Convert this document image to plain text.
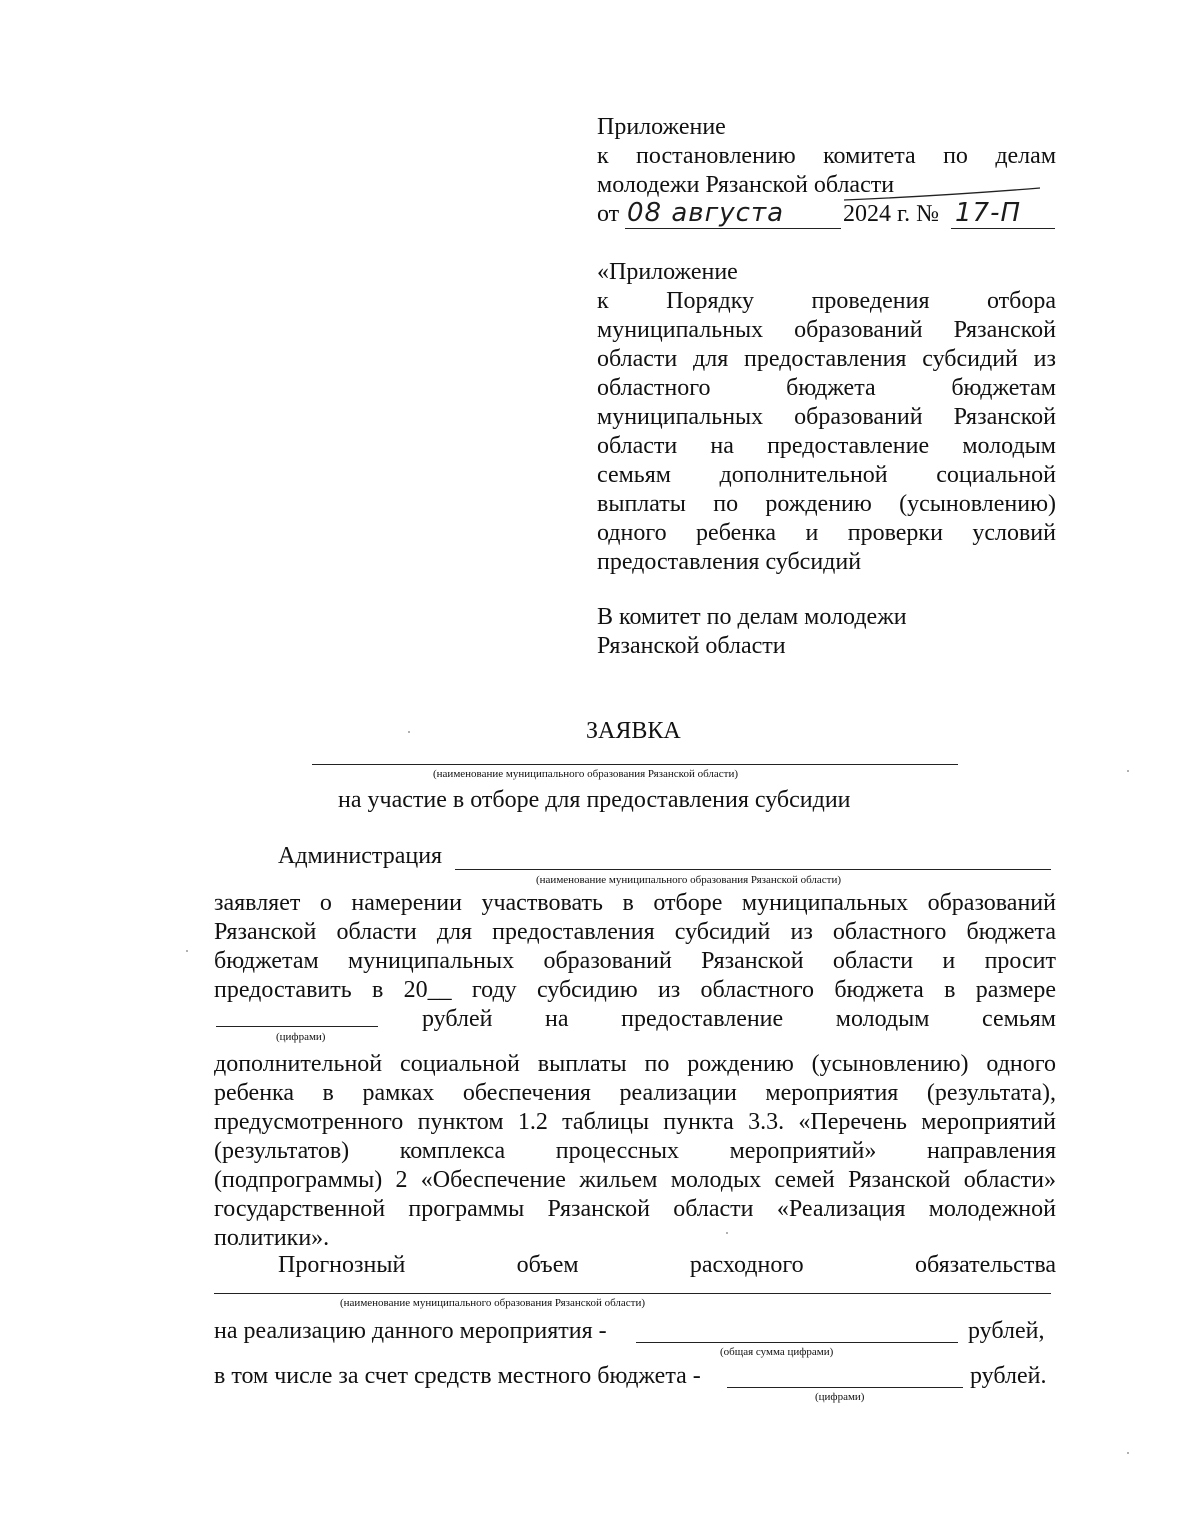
Приложение
к постановлению комитета по делам
молодежи Рязанской области
от 08 августа 2024 г. № 17-П
«Приложение
к Порядку проведения отбора
муниципальных образований Рязанской
области для предоставления субсидий из
областного бюджета бюджетам
муниципальных образований Рязанской
области на предоставление молодым
семьям дополнительной социальной
выплаты по рождению (усыновлению)
одного ребенка и проверки условий
предоставления субсидий
В комитет по делам молодежи
Рязанской области
ЗАЯВКА
(наименование муниципального образования Рязанской области)
на участие в отборе для предоставления субсидии
Администрация
(наименование муниципального образования Рязанской области)
заявляет о намерении участвовать в отборе муниципальных образований
Рязанской области для предоставления субсидий из областного бюджета
бюджетам муниципальных образований Рязанской области и просит
предоставить в 20__ году субсидию из областного бюджета в размере
рублей на предоставление молодым семьям
(цифрами)
дополнительной социальной выплаты по рождению (усыновлению) одного
ребенка в рамках обеспечения реализации мероприятия (результата),
предусмотренного пунктом 1.2 таблицы пункта 3.3. «Перечень мероприятий
(результатов) комплекса процессных мероприятий» направления
(подпрограммы) 2 «Обеспечение жильем молодых семей Рязанской области»
государственной программы Рязанской области «Реализация молодежной
политики».
Прогнозный объем расходного обязательства
(наименование муниципального образования Рязанской области)
на реализацию данного мероприятия -	рублей,
(общая сумма цифрами)
в том числе за счет средств местного бюджета -	рублей.
(цифрами)
